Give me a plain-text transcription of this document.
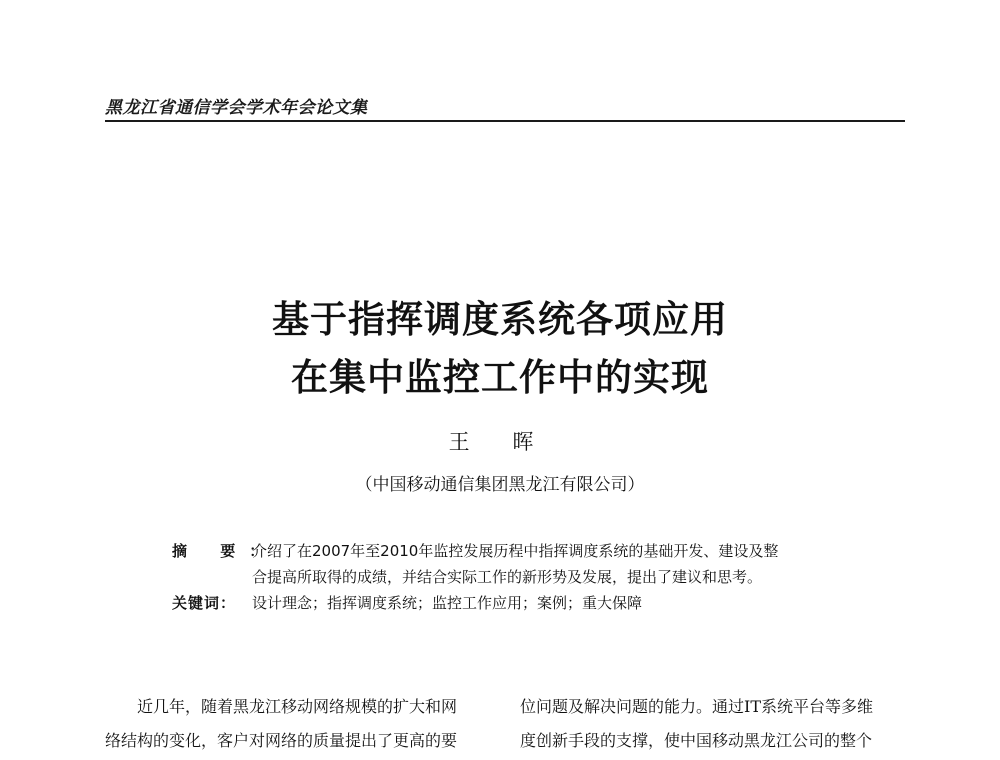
黑龙江省通信学会学术年会论文集
基于指挥调度系统各项应用
在集中监控工作中的实现
王 晖
（中国移动通信集团黑龙江有限公司）
摘 要：
介绍了在2007年至2010年监控发展历程中指挥调度系统的基础开发、建设及整
合提高所取得的成绩，并结合实际工作的新形势及发展，提出了建议和思考。
关键词：	设计理念；指挥调度系统；监控工作应用；案例；重大保障

近几年，随着黑龙江移动网络规模的扩大和网

络结构的变化，客户对网络的质量提出了更高的要

位问题及解决问题的能力。通过IT系统平台等多维

度创新手段的支撑，使中国移动黑龙江公司的整个
